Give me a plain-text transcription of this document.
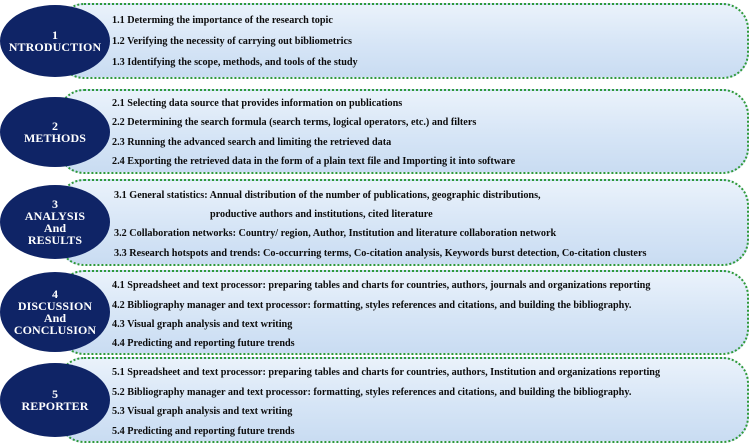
1
NTRODUCTION
1.1 Determing the importance of the research topic
1.2 Verifying the necessity of carrying out bibliometrics
1.3 Identifying the scope, methods, and tools of the study
2
METHODS
2.1 Selecting data source that provides information on publications
2.2 Determining the search formula (search terms, logical operators, etc.) and filters
2.3 Running the advanced search and limiting the retrieved data
2.4 Exporting the retrieved data in the form of a plain text file and Importing it into software
3
ANALYSIS
And
RESULTS
3.1 General statistics: Annual distribution of the number of publications, geographic distributions,
productive authors and institutions, cited literature
3.2 Collaboration networks: Country/ region, Author, Institution and literature collaboration network
3.3 Research hotspots and trends: Co-occurring terms, Co-citation analysis, Keywords burst detection, Co-citation clusters
4
DISCUSSION
And
CONCLUSION
4.1 Spreadsheet and text processor: preparing tables and charts for countries, authors, journals and organizations reporting
4.2 Bibliography manager and text processor: formatting, styles references and citations, and building the bibliography.
4.3 Visual graph analysis and text writing
4.4 Predicting and reporting future trends
5
REPORTER
5.1 Spreadsheet and text processor: preparing tables and charts for countries, authors, Institution and organizations reporting
5.2 Bibliography manager and text processor: formatting, styles references and citations, and building the bibliography.
5.3 Visual graph analysis and text writing
5.4 Predicting and reporting future trends
